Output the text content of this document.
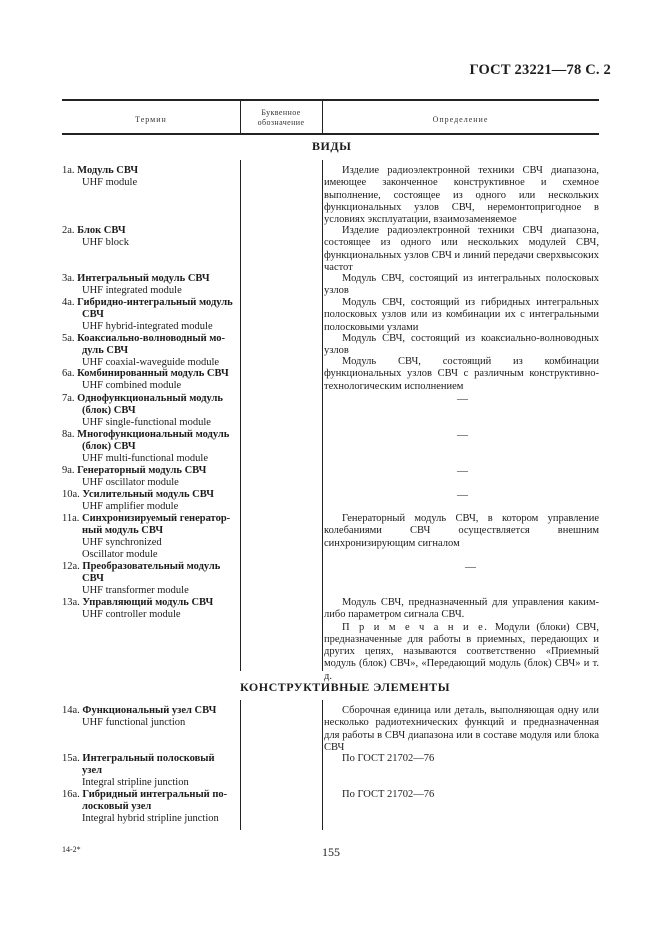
ГОСТ 23221—78 С. 2
Термин
Буквенное
обозначение	Определение
ВИДЫ
1а. Модуль СВЧ
UHF module
2а. Блок СВЧ
UHF block
3а. Интегральный модуль СВЧ
UHF integrated module
4а. Гибридно-интегральный модуль
СВЧ
UHF hybrid-integrated module
5а. Коаксиально-волноводный мо-
дуль СВЧ
UHF coaxial-waveguide module
6а. Комбинированный модуль СВЧ
UHF combined module
7а. Однофункциональный модуль
(блок) СВЧ
UHF single-functional module
8а. Многофункциональный модуль
(блок) СВЧ
UHF multi-functional module
9а. Генераторный модуль СВЧ
UHF oscillator module
10а. Усилительный модуль СВЧ
UHF amplifier module
11а. Синхронизируемый генератор-
ный модуль СВЧ
UHF synchronized
Oscillator module
12а. Преобразовательный модуль
СВЧ
UHF transformer module
13а. Управляющий модуль СВЧ
UHF controller module
Изделие радиоэлектронной техники СВЧ диапазона, имеющее законченное конструктивное и схемное выполнение, состоящее из одного или нескольких функциональных узлов СВЧ, неремонтопригодное в условиях эксплуатации, взаимозаменяемое
Изделие радиоэлектронной техники СВЧ диапазона, состоящее из одного или нескольких модулей СВЧ, функциональных узлов СВЧ и линий передачи сверхвысоких частот
Модуль СВЧ, состоящий из интегральных полосковых узлов
Модуль СВЧ, состоящий из гибридных интегральных полосковых узлов или из комбинации их с интегральными полосковыми узлами
Модуль СВЧ, состоящий из коаксиально-волноводных узлов
Модуль СВЧ, состоящий из комбинации функциональных узлов СВЧ с различным конструктивно-технологическим исполнением
—
—
—
—
Генераторный модуль СВЧ, в котором управление колебаниями СВЧ осуществляется внешним синхронизирующим сигналом
—
Модуль СВЧ, предназначенный для управления каким-либо параметром сигнала СВЧ.
П р и м е ч а н и е. Модули (блоки) СВЧ, предназначенные для работы в приемных, передающих и других цепях, называются соответственно «Приемный модуль (блок) СВЧ», «Передающий модуль (блок) СВЧ» и т. д.
КОНСТРУКТИВНЫЕ ЭЛЕМЕНТЫ
14а. Функциональный узел СВЧ
UHF functional junction
15а. Интегральный полосковый
узел
Integral stripline junction
16а. Гибридный интегральный по-
лосковый узел
Integral hybrid stripline junction
Сборочная единица или деталь, выполняющая одну или несколько радиотехнических функций и предназначенная для работы в СВЧ диапазона или в составе модуля или блока СВЧ
По ГОСТ 21702—76
По ГОСТ 21702—76
14-2*	155
